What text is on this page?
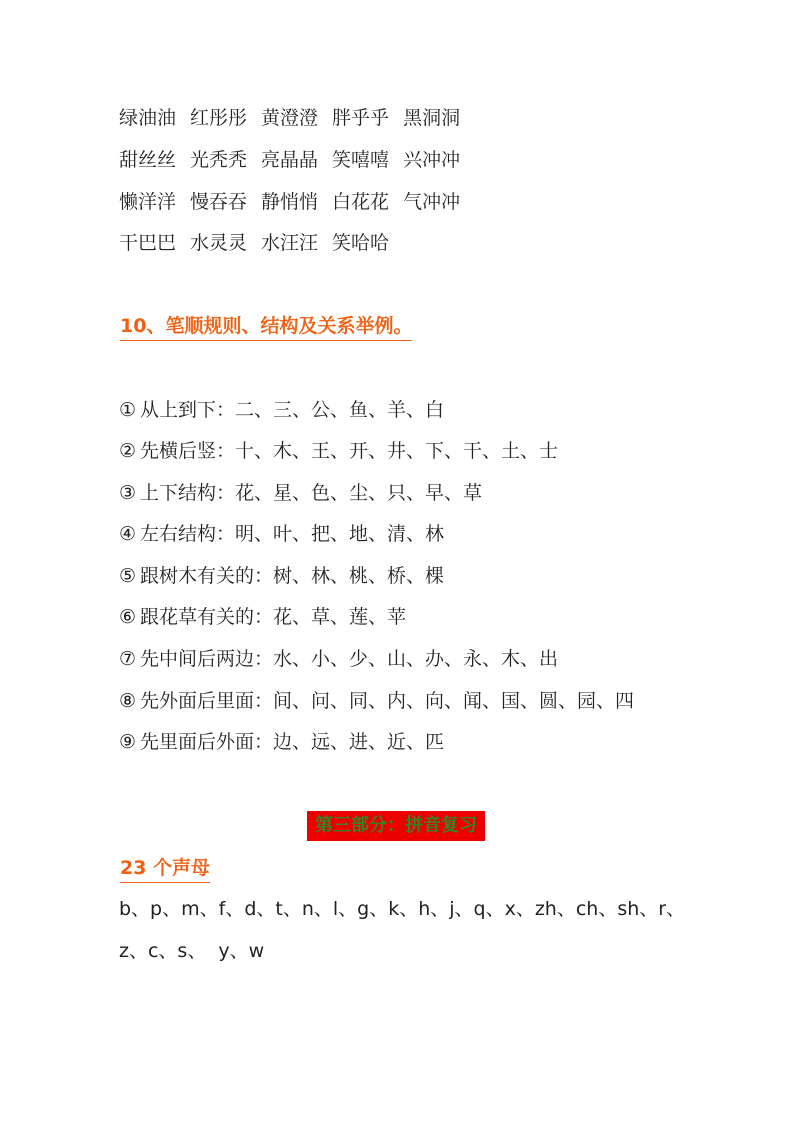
绿油油 红彤彤 黄澄澄 胖乎乎 黑洞洞
甜丝丝 光秃秃 亮晶晶 笑嘻嘻 兴冲冲
懒洋洋 慢吞吞 静悄悄 白花花 气冲冲
干巴巴 水灵灵 水汪汪 笑哈哈
10、笔顺规则、结构及关系举例。
① 从上到下：二、三、公、鱼、羊、白
② 先横后竖：十、木、王、开、井、下、干、土、士
③ 上下结构：花、星、色、尘、只、早、草
④ 左右结构：明、叶、把、地、清、林
⑤ 跟树木有关的：树、林、桃、桥、棵
⑥ 跟花草有关的：花、草、莲、苹
⑦ 先中间后两边：水、小、少、山、办、永、木、出
⑧ 先外面后里面：间、问、同、内、向、闻、国、圆、园、四
⑨ 先里面后外面：边、远、进、近、匹
第三部分：拼音复习
23 个声母
b、p、m、f、d、t、n、l、g、k、h、j、q、x、zh、ch、sh、r、
z、c、s、  y、w
